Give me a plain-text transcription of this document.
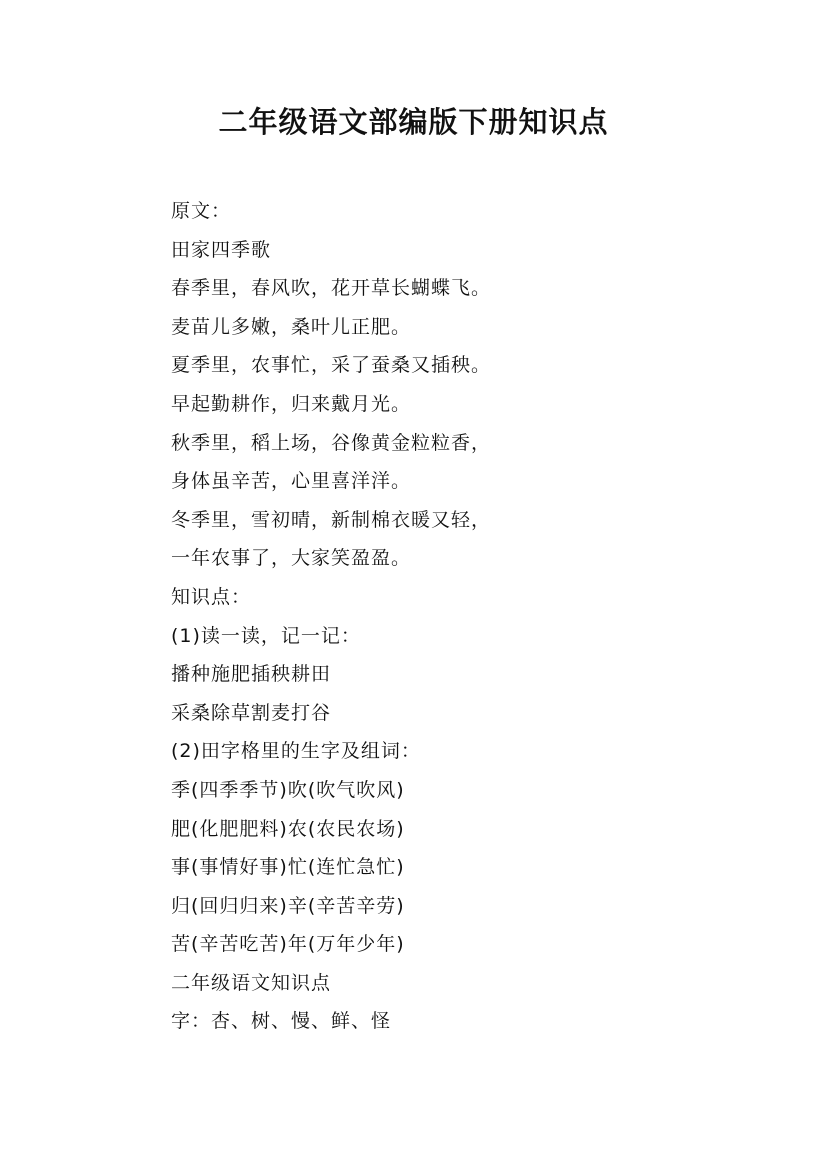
二年级语文部编版下册知识点
原文：
田家四季歌
春季里，春风吹，花开草长蝴蝶飞。
麦苗儿多嫩，桑叶儿正肥。
夏季里，农事忙，采了蚕桑又插秧。
早起勤耕作，归来戴月光。
秋季里，稻上场，谷像黄金粒粒香，
身体虽辛苦，心里喜洋洋。
冬季里，雪初晴，新制棉衣暖又轻，
一年农事了，大家笑盈盈。
知识点：
(1)读一读，记一记：
播种施肥插秧耕田
采桑除草割麦打谷
(2)田字格里的生字及组词：
季(四季季节)吹(吹气吹风)
肥(化肥肥料)农(农民农场)
事(事情好事)忙(连忙急忙)
归(回归归来)辛(辛苦辛劳)
苦(辛苦吃苦)年(万年少年)
二年级语文知识点
字：杏、树、慢、鲜、怪
